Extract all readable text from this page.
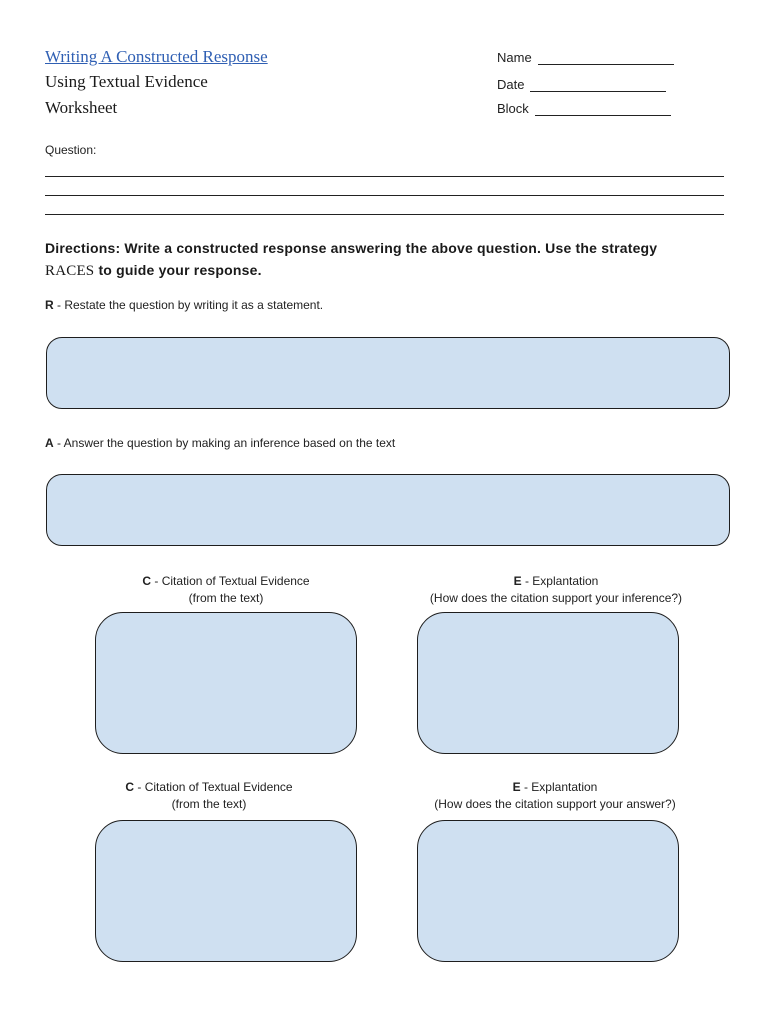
Writing A Constructed Response
Using Textual Evidence
Worksheet
Name
Date
Block
Question:
Directions: Write a constructed response answering the above question. Use the strategy
RACES to guide your response.
R - Restate the question by writing it as a statement.
A - Answer the question by making an inference based on the text
C - Citation of Textual Evidence
(from the text)
E - Explantation
(How does the citation support your inference?)
C - Citation of Textual Evidence
(from the text)
E - Explantation
(How does the citation support your answer?)
